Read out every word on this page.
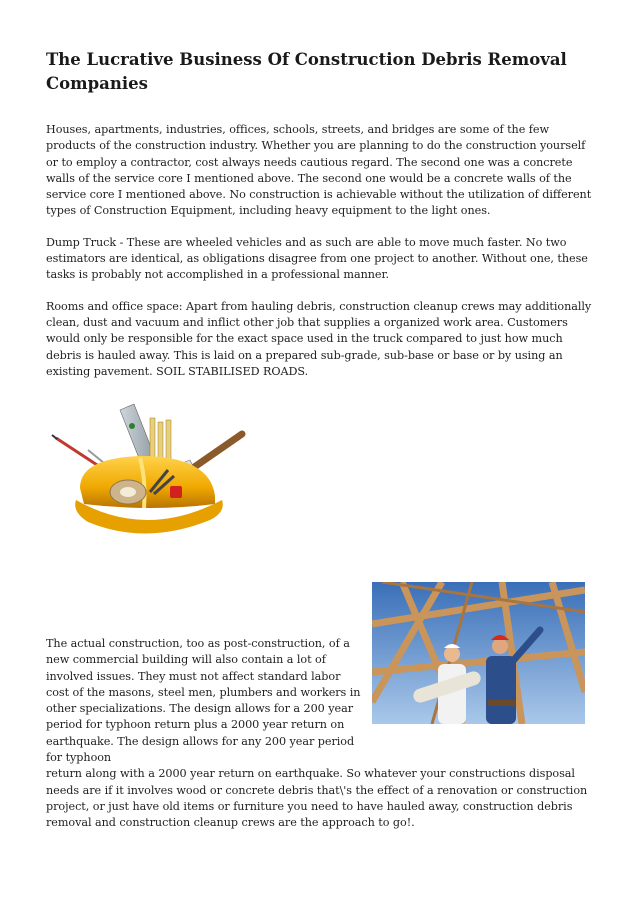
The Lucrative Business Of Construction Debris Removal Companies

Houses, apartments, industries, offices, schools, streets, and bridges are some of the few products of the construction industry. Whether you are planning to do the construction yourself or to employ a contractor, cost always needs cautious regard. The second one was a concrete walls of the service core I mentioned above. The second one would be a concrete walls of the service core I mentioned above. No construction is achievable without the utilization of different types of Construction Equipment, including heavy equipment to the light ones.

Dump Truck - These are wheeled vehicles and as such are able to move much faster. No two estimators are identical, as obligations disagree from one project to another. Without one, these tasks is probably not accomplished in a professional manner.

Rooms and office space: Apart from hauling debris, construction cleanup crews may additionally clean, dust and vacuum and inflict other job that supplies a organized work area. Customers would only be responsible for the exact space used in the truck compared to just how much debris is hauled away. This is laid on a prepared sub-grade, sub-base or base or by using an existing pavement. SOIL STABILISED ROADS.

The actual construction, too as post-construction, of a new commercial building will also contain a lot of involved issues. They must not affect standard labor cost of the masons, steel men, plumbers and workers in other specializations. The design allows for a 200 year period for typhoon return plus a 2000 year return on earthquake. The design allows for any 200 year period for typhoon
return along with a 2000 year return on earthquake. So whatever your constructions disposal needs are if it involves wood or concrete debris that\'s the effect of a renovation or construction project, or just have old items or furniture you need to have hauled away, construction debris removal and construction cleanup crews are the approach to go!.
